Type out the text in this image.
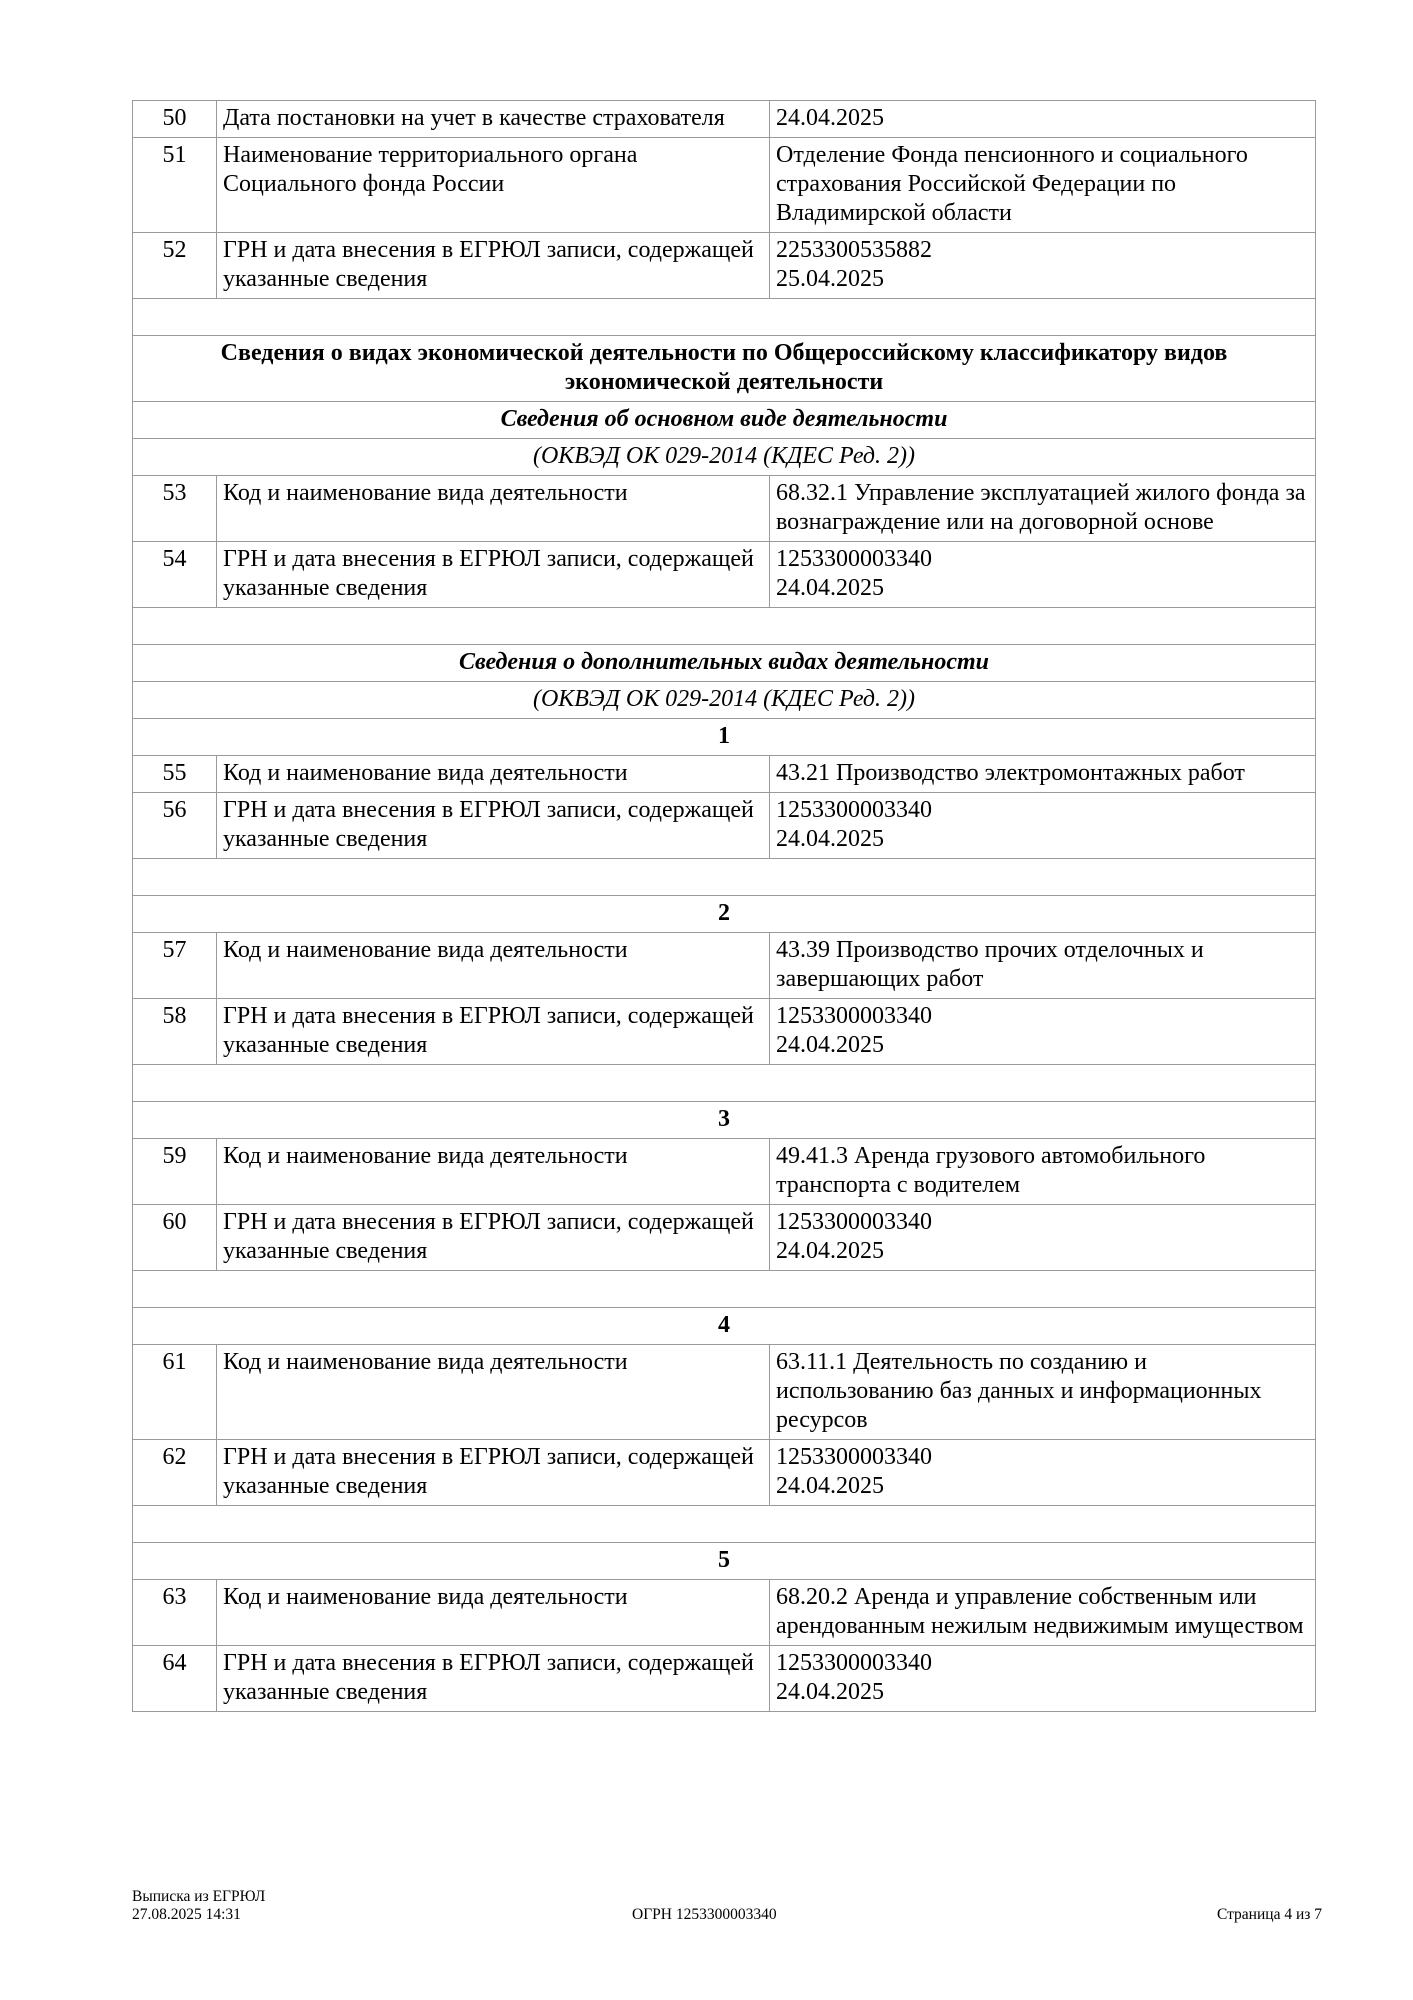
50	Дата постановки на учет в качестве страхователя	24.04.2025
51	Наименование территориального органа Социального фонда России	Отделение Фонда пенсионного и социального страхования Российской Федерации по Владимирской области
52	ГРН и дата внесения в ЕГРЮЛ записи, содержащей указанные сведения	2253300535882
25.04.2025

Сведения о видах экономической деятельности по Общероссийскому классификатору видов экономической деятельности		
Сведения об основном виде деятельности		
(ОКВЭД ОК 029-2014 (КДЕС Ред. 2))		
53	Код и наименование вида деятельности	68.32.1 Управление эксплуатацией жилого фонда за вознаграждение или на договорной основе
54	ГРН и дата внесения в ЕГРЮЛ записи, содержащей указанные сведения	1253300003340
24.04.2025

Сведения о дополнительных видах деятельности		
(ОКВЭД ОК 029-2014 (КДЕС Ред. 2))		
1		
55	Код и наименование вида деятельности	43.21 Производство электромонтажных работ
56	ГРН и дата внесения в ЕГРЮЛ записи, содержащей указанные сведения	1253300003340
24.04.2025

2		
57	Код и наименование вида деятельности	43.39 Производство прочих отделочных и завершающих работ
58	ГРН и дата внесения в ЕГРЮЛ записи, содержащей указанные сведения	1253300003340
24.04.2025

3		
59	Код и наименование вида деятельности	49.41.3 Аренда грузового автомобильного транспорта с водителем
60	ГРН и дата внесения в ЕГРЮЛ записи, содержащей указанные сведения	1253300003340
24.04.2025

4		
61	Код и наименование вида деятельности	63.11.1 Деятельность по созданию и использованию баз данных и информационных ресурсов
62	ГРН и дата внесения в ЕГРЮЛ записи, содержащей указанные сведения	1253300003340
24.04.2025

5		
63	Код и наименование вида деятельности	68.20.2 Аренда и управление собственным или арендованным нежилым недвижимым имуществом
64	ГРН и дата внесения в ЕГРЮЛ записи, содержащей указанные сведения	1253300003340
24.04.2025
Выписка из ЕГРЮЛ
27.08.2025 14:31	ОГРН 1253300003340	Страница 4 из 7
